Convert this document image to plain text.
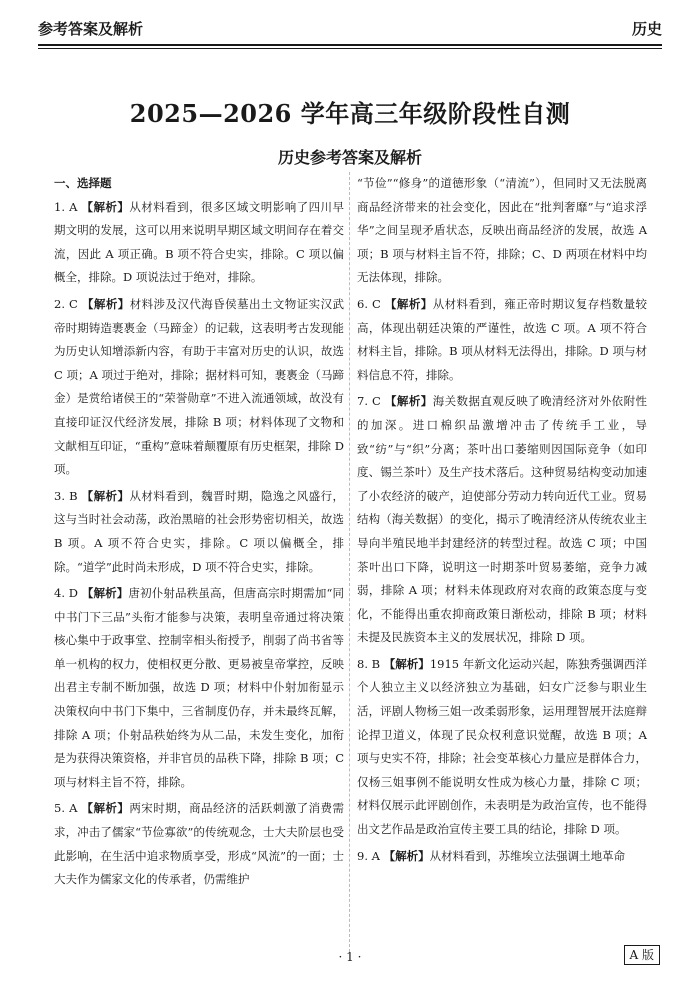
参考答案及解析	历史
2025—2026 学年高三年级阶段性自测
历史参考答案及解析
一、选择题
1. A 【解析】从材料看到，很多区域文明影响了四川早期文明的发展，这可以用来说明早期区域文明间存在着交流，因此 A 项正确。B 项不符合史实，排除。C 项以偏概全，排除。D 项说法过于绝对，排除。
2. C 【解析】材料涉及汉代海昏侯墓出土文物证实汉武帝时期铸造裹褭金（马蹄金）的记载，这表明考古发现能为历史认知增添新内容，有助于丰富对历史的认识，故选 C 项；A 项过于绝对，排除；据材料可知，裹褭金（马蹄金）是赏给诸侯王的“荣誉勋章”不进入流通领域，故没有直接印证汉代经济发展，排除 B 项；材料体现了文物和文献相互印证，“重构”意味着颠覆原有历史框架，排除 D 项。
3. B 【解析】从材料看到，魏晋时期，隐逸之风盛行，这与当时社会动荡，政治黑暗的社会形势密切相关，故选 B 项。A 项不符合史实，排除。C 项以偏概全，排除。“道学”此时尚未形成，D 项不符合史实，排除。
4. D 【解析】唐初仆射品秩虽高，但唐高宗时期需加“同中书门下三品”头衔才能参与决策，表明皇帝通过将决策核心集中于政事堂、控制宰相头衔授予，削弱了尚书省等单一机构的权力，使相权更分散、更易被皇帝掌控，反映出君主专制不断加强，故选 D 项；材料中仆射加衔显示决策权向中书门下集中，三省制度仍存，并未最终瓦解，排除 A 项；仆射品秩始终为从二品，未发生变化，加衔是为获得决策资格，并非官员的品秩下降，排除 B 项；C 项与材料主旨不符，排除。
5. A 【解析】两宋时期，商品经济的活跃刺激了消费需求，冲击了儒家“节俭寡欲”的传统观念，士大夫阶层也受此影响，在生活中追求物质享受，形成“风流”的一面；士大夫作为儒家文化的传承者，仍需维护
“节俭”“修身”的道德形象（“清流”），但同时又无法脱离商品经济带来的社会变化，因此在“批判奢靡”与“追求浮华”之间呈现矛盾状态，反映出商品经济的发展，故选 A 项；B 项与材料主旨不符，排除；C、D 两项在材料中均无法体现，排除。
6. C 【解析】从材料看到，雍正帝时期议复存档数量较高，体现出朝廷决策的严谨性，故选 C 项。A 项不符合材料主旨，排除。B 项从材料无法得出，排除。D 项与材料信息不符，排除。
7. C 【解析】海关数据直观反映了晚清经济对外依附性的加深。进口棉织品激增冲击了传统手工业，导致“纺”与“织”分离；茶叶出口萎缩则因国际竞争（如印度、锡兰茶叶）及生产技术落后。这种贸易结构变动加速了小农经济的破产，迫使部分劳动力转向近代工业。贸易结构（海关数据）的变化，揭示了晚清经济从传统农业主导向半殖民地半封建经济的转型过程。故选 C 项；中国茶叶出口下降，说明这一时期茶叶贸易萎缩，竞争力减弱，排除 A 项；材料未体现政府对农商的政策态度与变化，不能得出重农抑商政策日渐松动，排除 B 项；材料未提及民族资本主义的发展状况，排除 D 项。
8. B 【解析】1915 年新文化运动兴起，陈独秀强调西洋个人独立主义以经济独立为基础，妇女广泛参与职业生活，评剧人物杨三姐一改柔弱形象，运用理智展开法庭辩论捍卫道义，体现了民众权利意识觉醒，故选 B 项；A 项与史实不符，排除；社会变革核心力量应是群体合力，仅杨三姐事例不能说明女性成为核心力量，排除 C 项；材料仅展示此评剧创作，未表明是为政治宣传，也不能得出文艺作品是政治宣传主要工具的结论，排除 D 项。
9. A 【解析】从材料看到，苏维埃立法强调土地革命
· 1 ·	A 版
